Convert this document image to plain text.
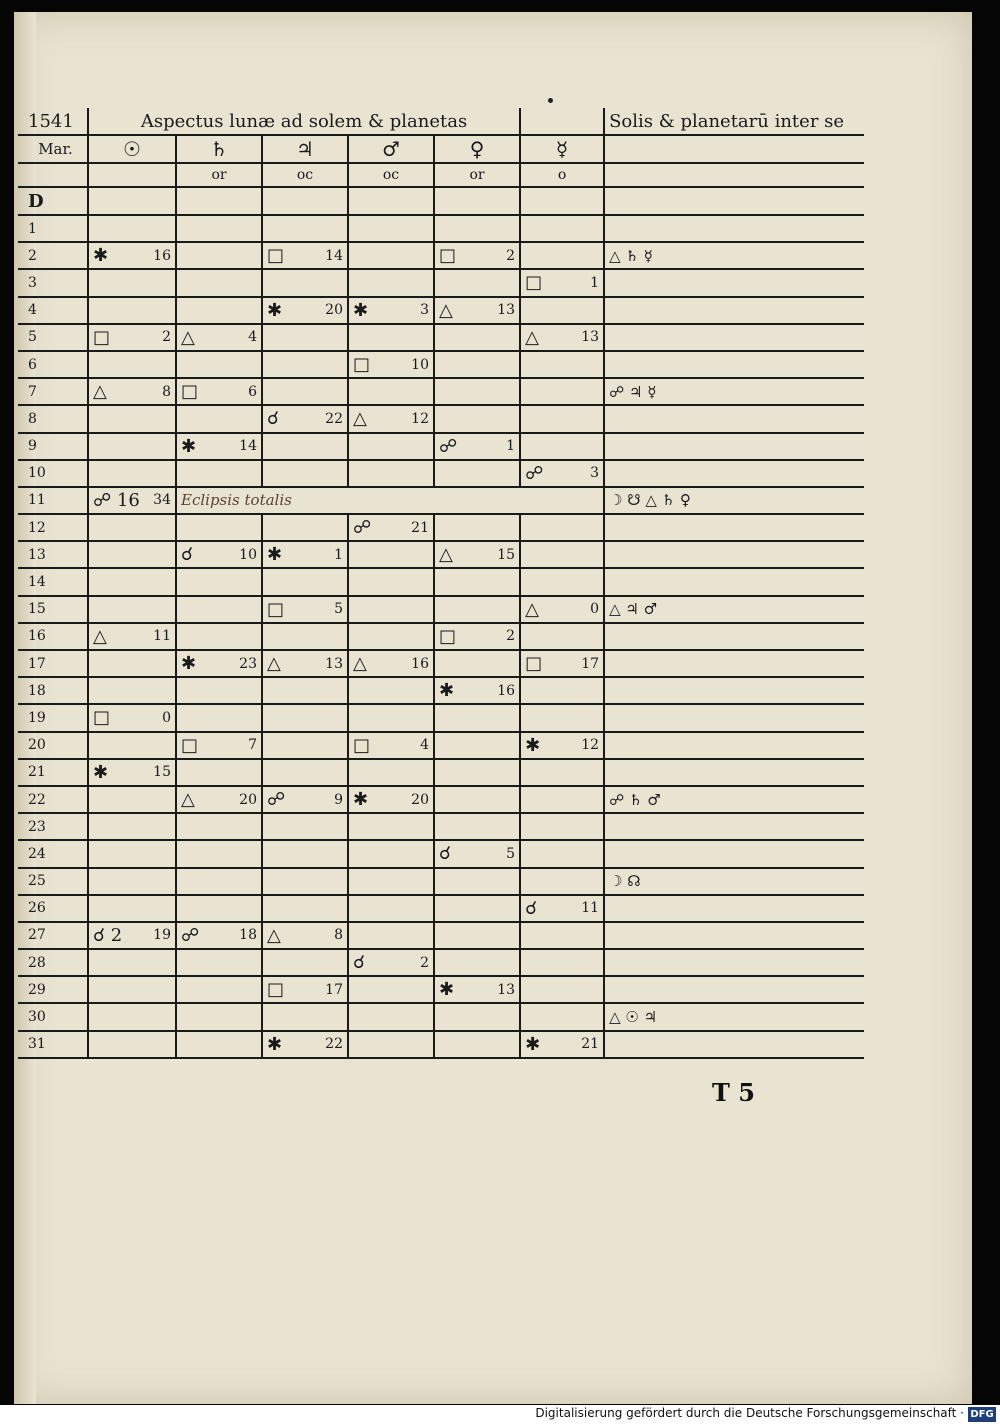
1541	Aspectus lunæ ad solem & planetas						Solis & planetarū inter se
Mar.	☉	♄	♃	♂	♀	☿	
		or	oc	oc	or	o	
D							
1	

2	✱ 16		□ 14		□ 2		△ ♄ ☿
3						□ 1	

4			✱ 20	✱ 3	△ 13		

5	□ 2	△ 4				△ 13	

6				□ 10			

7	△ 8	□ 6					☍ ♃ ☿
8			☌ 22	△ 12			

9		✱ 14			☍ 1		

10						☍ 3	

11	☍ 16 34	Eclipsis totalis					☽ ☋ △ ♄ ♀
12				☍ 21			

13		☌ 10	✱ 1		△ 15		

14	

15			□ 5			△ 0	△ ♃ ♂
16	△ 11				□ 2		

17		✱ 23	△ 13	△ 16		□ 17	

18					✱ 16		

19	□ 0						

20		□ 7		□ 4		✱ 12	

21	✱ 15						

22		△ 20	☍ 9	✱ 20			☍ ♄ ♂
23	

24					☌ 5		

25							☽ ☊
26						☌ 11	

27	☌ 2 19	☍ 18	△ 8				

28				☌ 2			

29			□ 17		✱ 13		

30							△ ☉ ♃
31			✱ 22			✱ 21	

T 5
Digitalisierung gefördert durch die Deutsche Forschungsgemeinschaft · DFG
